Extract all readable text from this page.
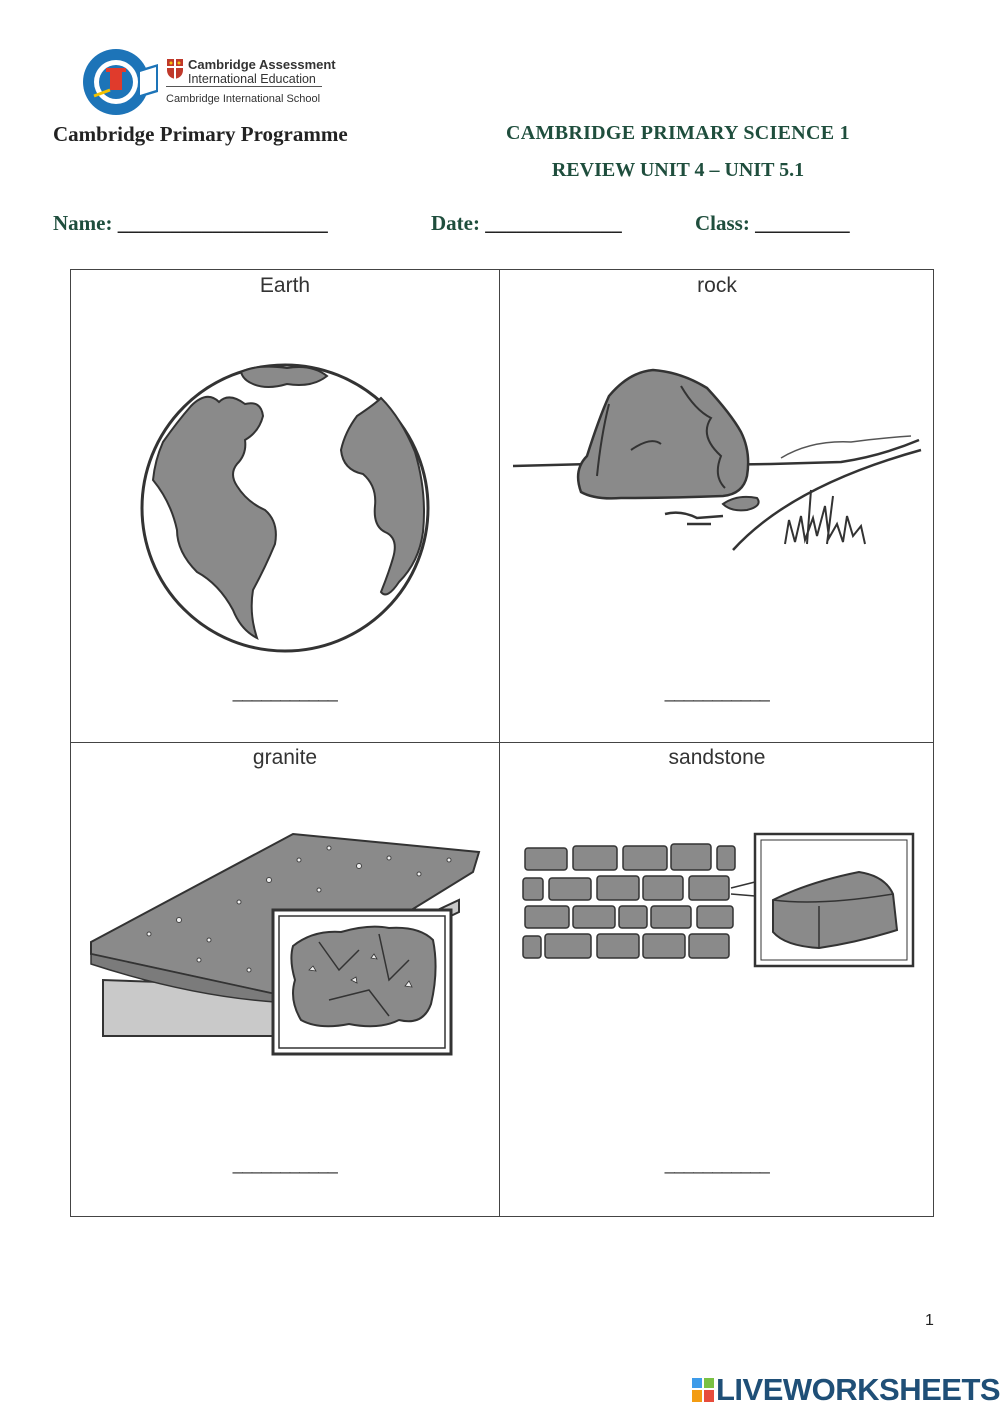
Cambridge Assessment
International Education
Cambridge International School
Cambridge Primary Programme	CAMBRIDGE PRIMARY SCIENCE 1
REVIEW UNIT 4 – UNIT 5.1
Name: ____________________	Date: _____________	Class: _________
Earth
___________
rock
___________
granite
___________
sandstone
___________
1
LIVEWORKSHEETS
